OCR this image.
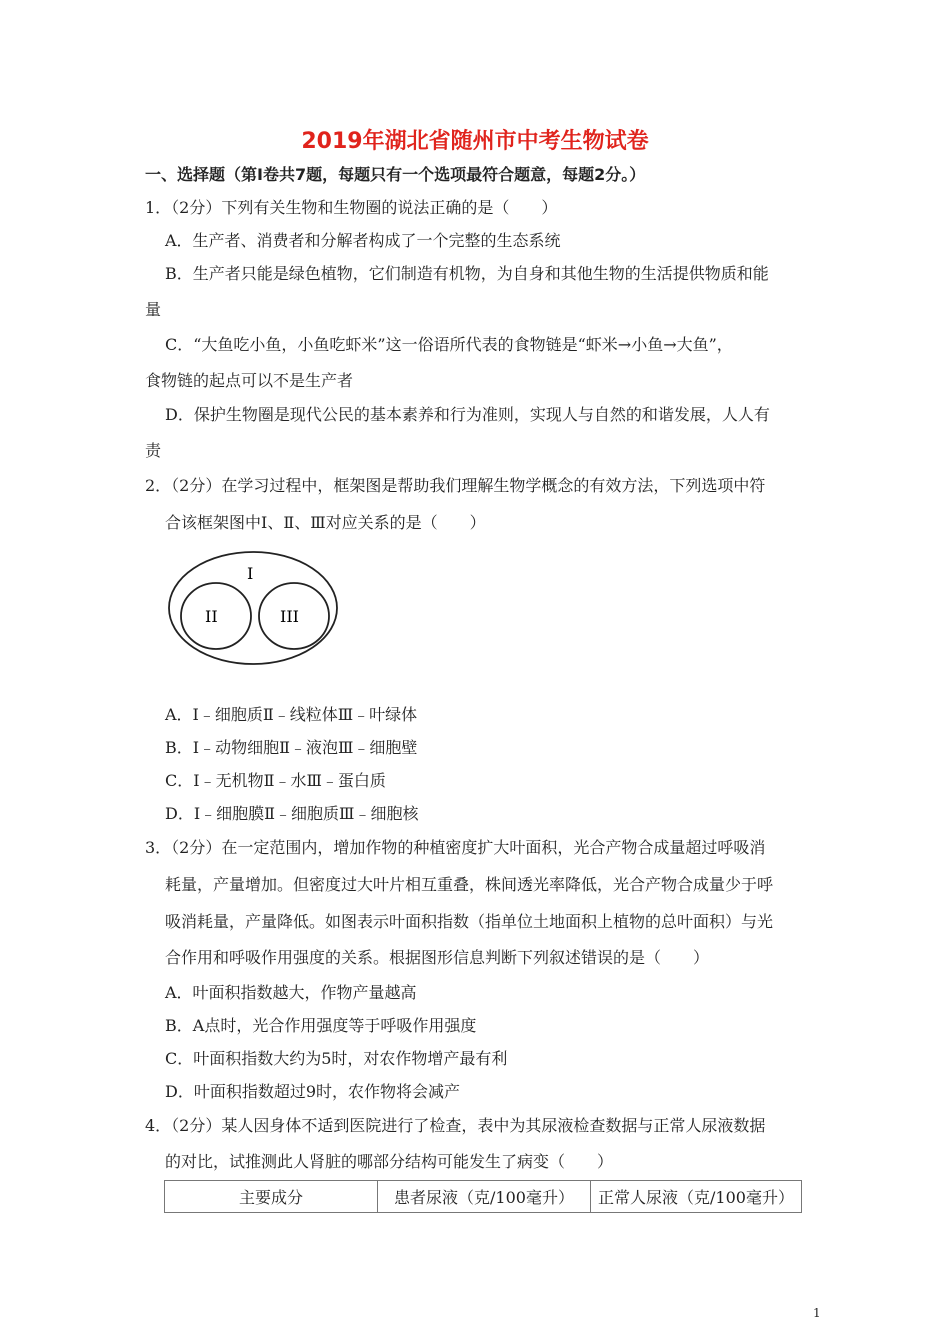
2019年湖北省随州市中考生物试卷
一、选择题（第Ⅰ卷共7题，每题只有一个选项最符合题意，每题2分。）
1．（2分）下列有关生物和生物圈的说法正确的是（　　）
A．生产者、消费者和分解者构成了一个完整的生态系统
B．生产者只能是绿色植物，它们制造有机物，为自身和其他生物的生活提供物质和能
量
C．“大鱼吃小鱼，小鱼吃虾米”这一俗语所代表的食物链是“虾米→小鱼→大鱼”，
食物链的起点可以不是生产者
D．保护生物圈是现代公民的基本素养和行为准则，实现人与自然的和谐发展，人人有
责
2．（2分）在学习过程中，框架图是帮助我们理解生物学概念的有效方法，下列选项中符
合该框架图中Ⅰ、Ⅱ、Ⅲ对应关系的是（　　）
I
II	III
A．Ⅰ﹣细胞质Ⅱ﹣线粒体Ⅲ﹣叶绿体
B．Ⅰ﹣动物细胞Ⅱ﹣液泡Ⅲ﹣细胞壁
C．Ⅰ﹣无机物Ⅱ﹣水Ⅲ﹣蛋白质
D．Ⅰ﹣细胞膜Ⅱ﹣细胞质Ⅲ﹣细胞核
3．（2分）在一定范围内，增加作物的种植密度扩大叶面积，光合产物合成量超过呼吸消
耗量，产量增加。但密度过大叶片相互重叠，株间透光率降低，光合产物合成量少于呼
吸消耗量，产量降低。如图表示叶面积指数（指单位土地面积上植物的总叶面积）与光
合作用和呼吸作用强度的关系。根据图形信息判断下列叙述错误的是（　　）
A．叶面积指数越大，作物产量越高
B．A点时，光合作用强度等于呼吸作用强度
C．叶面积指数大约为5时，对农作物增产最有利
D．叶面积指数超过9时，农作物将会减产
4．（2分）某人因身体不适到医院进行了检查，表中为其尿液检查数据与正常人尿液数据
的对比，试推测此人肾脏的哪部分结构可能发生了病变（　　）
主要成分	患者尿液（克/100毫升）	正常人尿液（克/100毫升）
1
